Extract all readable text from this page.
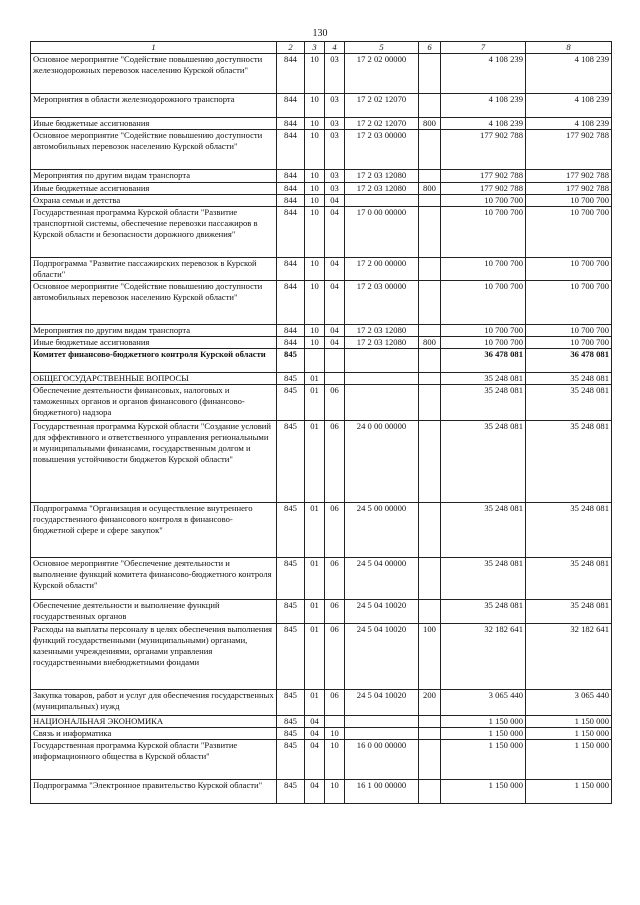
130
1	2	3	4	5	6	7	8
Основное мероприятие "Содействие повышению доступности железнодорожных перевозок населению Курской области"	844	10	03	17 2 02 00000		4 108 239	4 108 239
Мероприятия в области железнодорожного транспорта	844	10	03	17 2 02 12070		4 108 239	4 108 239
Иные бюджетные ассигнования	844	10	03	17 2 02 12070	800	4 108 239	4 108 239
Основное мероприятие "Содействие повышению доступности автомобильных перевозок населению Курской области"	844	10	03	17 2 03 00000		177 902 788	177 902 788
Мероприятия по другим видам транспорта	844	10	03	17 2 03 12080		177 902 788	177 902 788
Иные бюджетные ассигнования	844	10	03	17 2 03 12080	800	177 902 788	177 902 788
Охрана семьи и детства	844	10	04			10 700 700	10 700 700
Государственная программа Курской области "Развитие транспортной системы, обеспечение перевозки пассажиров в Курской области и безопасности дорожного движения"	844	10	04	17 0 00 00000		10 700 700	10 700 700
Подпрограмма "Развитие пассажирских перевозок в Курской области"	844	10	04	17 2 00 00000		10 700 700	10 700 700
Основное мероприятие "Содействие повышению доступности автомобильных перевозок населению Курской области"	844	10	04	17 2 03 00000		10 700 700	10 700 700
Мероприятия по другим видам транспорта	844	10	04	17 2 03 12080		10 700 700	10 700 700
Иные бюджетные ассигнования	844	10	04	17 2 03 12080	800	10 700 700	10 700 700
Комитет финансово-бюджетного контроля Курской области	845					36 478 081	36 478 081
ОБЩЕГОСУДАРСТВЕННЫЕ ВОПРОСЫ	845	01				35 248 081	35 248 081
Обеспечение деятельности финансовых, налоговых и таможенных органов и органов финансового (финансово-бюджетного) надзора	845	01	06			35 248 081	35 248 081
Государственная программа Курской области "Создание условий для эффективного и ответственного управления региональными и муниципальными финансами, государственным долгом и повышения устойчивости бюджетов Курской области"	845	01	06	24 0 00 00000		35 248 081	35 248 081
Подпрограмма "Организация и осуществление внутреннего государственного финансового контроля в финансово-бюджетной сфере и сфере закупок"	845	01	06	24 5 00 00000		35 248 081	35 248 081
Основное мероприятие "Обеспечение деятельности и выполнение функций комитета финансово-бюджетного контроля Курской области"	845	01	06	24 5 04 00000		35 248 081	35 248 081
Обеспечение деятельности и выполнение функций государственных органов	845	01	06	24 5 04 10020		35 248 081	35 248 081
Расходы на выплаты персоналу в целях обеспечения выполнения функций государственными (муниципальными) органами, казенными учреждениями, органами управления государственными внебюджетными фондами	845	01	06	24 5 04 10020	100	32 182 641	32 182 641
Закупка товаров, работ и услуг для обеспечения государственных (муниципальных) нужд	845	01	06	24 5 04 10020	200	3 065 440	3 065 440
НАЦИОНАЛЬНАЯ ЭКОНОМИКА	845	04				1 150 000	1 150 000
Связь и информатика	845	04	10			1 150 000	1 150 000
Государственная программа Курской области "Развитие информационного общества в Курской области"	845	04	10	16 0 00 00000		1 150 000	1 150 000
Подпрограмма "Электронное правительство Курской области"	845	04	10	16 1 00 00000		1 150 000	1 150 000
